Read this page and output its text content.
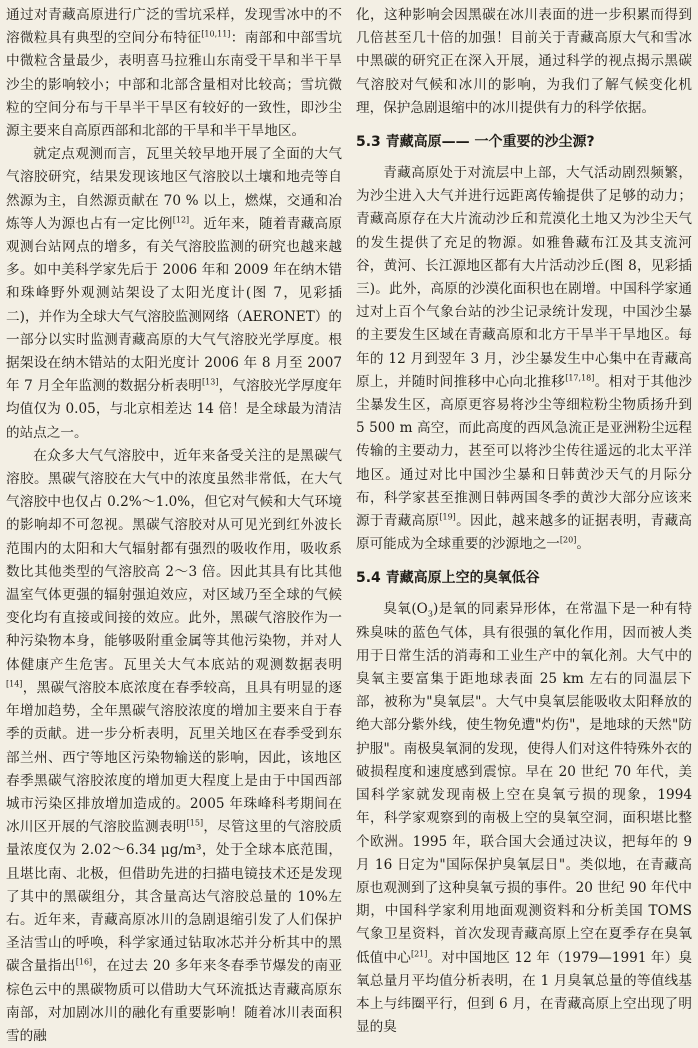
通过对青藏高原进行广泛的雪坑采样，发现雪冰中的不溶微粒具有典型的空间分布特征[10,11]：南部和中部雪坑中微粒含量最少，表明喜马拉雅山东南受干旱和半干旱沙尘的影响较小；中部和北部含量相对比较高；雪坑微粒的空间分布与干旱半干旱区有较好的一致性，即沙尘源主要来自高原西部和北部的干旱和半干旱地区。

就定点观测而言，瓦里关较早地开展了全面的大气气溶胶研究，结果发现该地区气溶胶以土壤和地壳等自然源为主，自然源贡献在 70 % 以上，燃煤，交通和冶炼等人为源也占有一定比例[12]。近年来，随着青藏高原观测台站网点的增多，有关气溶胶监测的研究也越来越多。如中美科学家先后于 2006 年和 2009 年在纳木错和珠峰野外观测站架设了太阳光度计(图 7，见彩插二)，并作为全球大气气溶胶监测网络（AERONET）的一部分以实时监测青藏高原的大气气溶胶光学厚度。根据架设在纳木错站的太阳光度计 2006 年 8 月至 2007 年 7 月全年监测的数据分析表明[13]，气溶胶光学厚度年均值仅为 0.05，与北京相差达 14 倍！是全球最为清洁的站点之一。

在众多大气气溶胶中，近年来备受关注的是黑碳气溶胶。黑碳气溶胶在大气中的浓度虽然非常低，在大气气溶胶中也仅占 0.2%～1.0%，但它对气候和大气环境的影响却不可忽视。黑碳气溶胶对从可见光到红外波长范围内的太阳和大气辐射都有强烈的吸收作用，吸收系数比其他类型的气溶胶高 2～3 倍。因此其具有比其他温室气体更强的辐射强迫效应，对区域乃至全球的气候变化均有直接或间接的效应。此外，黑碳气溶胶作为一种污染物本身，能够吸附重金属等其他污染物，并对人体健康产生危害。瓦里关大气本底站的观测数据表明[14]，黑碳气溶胶本底浓度在春季较高，且具有明显的逐年增加趋势，全年黑碳气溶胶浓度的增加主要来自于春季的贡献。进一步分析表明，瓦里关地区在春季受到东部兰州、西宁等地区污染物输送的影响，因此，该地区春季黑碳气溶胶浓度的增加更大程度上是由于中国西部城市污染区排放增加造成的。2005 年珠峰科考期间在冰川区开展的气溶胶监测表明[15]，尽管这里的气溶胶质量浓度仅为 2.02～6.34 μg/m³，处于全球本底范围，且堪比南、北极，但借助先进的扫描电镜技术还是发现了其中的黑碳组分，其含量高达气溶胶总量的 10%左右。近年来，青藏高原冰川的急剧退缩引发了人们保护圣洁雪山的呼唤，科学家通过钻取冰芯并分析其中的黑碳含量指出[16]，在过去 20 多年来冬春季节爆发的南亚棕色云中的黑碳物质可以借助大气环流抵达青藏高原东南部，对加剧冰川的融化有重要影响！随着冰川表面积雪的融

化，这种影响会因黑碳在冰川表面的进一步积累而得到几倍甚至几十倍的加强！目前关于青藏高原大气和雪冰中黑碳的研究正在深入开展，通过科学的视点揭示黑碳气溶胶对气候和冰川的影响，为我们了解气候变化机理，保护急剧退缩中的冰川提供有力的科学依据。

5.3 青藏高原—— 一个重要的沙尘源?

青藏高原处于对流层中上部，大气活动剧烈频繁，为沙尘进入大气并进行远距离传输提供了足够的动力；青藏高原存在大片流动沙丘和荒漠化土地又为沙尘天气的发生提供了充足的物源。如雅鲁藏布江及其支流河谷，黄河、长江源地区都有大片活动沙丘(图 8，见彩插三)。此外，高原的沙漠化面积也在剧增。中国科学家通过对上百个气象台站的沙尘记录统计发现，中国沙尘暴的主要发生区域在青藏高原和北方干旱半干旱地区。每年的 12 月到翌年 3 月，沙尘暴发生中心集中在青藏高原上，并随时间推移中心向北推移[17,18]。相对于其他沙尘暴发生区，高原更容易将沙尘等细粒粉尘物质扬升到 5 500 m 高空，而此高度的西风急流正是亚洲粉尘远程传输的主要动力，甚至可以将沙尘传往遥远的北太平洋地区。通过对比中国沙尘暴和日韩黄沙天气的月际分布，科学家甚至推测日韩两国冬季的黄沙大部分应该来源于青藏高原[19]。因此，越来越多的证据表明，青藏高原可能成为全球重要的沙源地之一[20]。

5.4 青藏高原上空的臭氧低谷

臭氧$(O_3)$是氧的同素异形体，在常温下是一种有特殊臭味的蓝色气体，具有很强的氧化作用，因而被人类用于日常生活的消毒和工业生产中的氧化剂。大气中的臭氧主要富集于距地球表面 25 km 左右的同温层下部，被称为"臭氧层"。大气中臭氧层能吸收太阳释放的绝大部分紫外线，使生物免遭"灼伤"，是地球的天然"防护服"。南极臭氧洞的发现，使得人们对这件特殊外衣的破损程度和速度感到震惊。早在 20 世纪 70 年代，美国科学家就发现南极上空在臭氧亏损的现象，1994 年，科学家观察到的南极上空的臭氧空洞，面积堪比整个欧洲。1995 年，联合国大会通过决议，把每年的 9 月 16 日定为"国际保护臭氧层日"。类似地，在青藏高原也观测到了这种臭氧亏损的事件。20 世纪 90 年代中期，中国科学家利用地面观测资料和分析美国 TOMS 气象卫星资料，首次发现青藏高原上空在夏季存在臭氧低值中心[21]。对中国地区 12 年（1979—1991 年）臭氧总量月平均值分析表明，在 1 月臭氧总量的等值线基本上与纬圈平行，但到 6 月，在青藏高原上空出现了明显的臭
